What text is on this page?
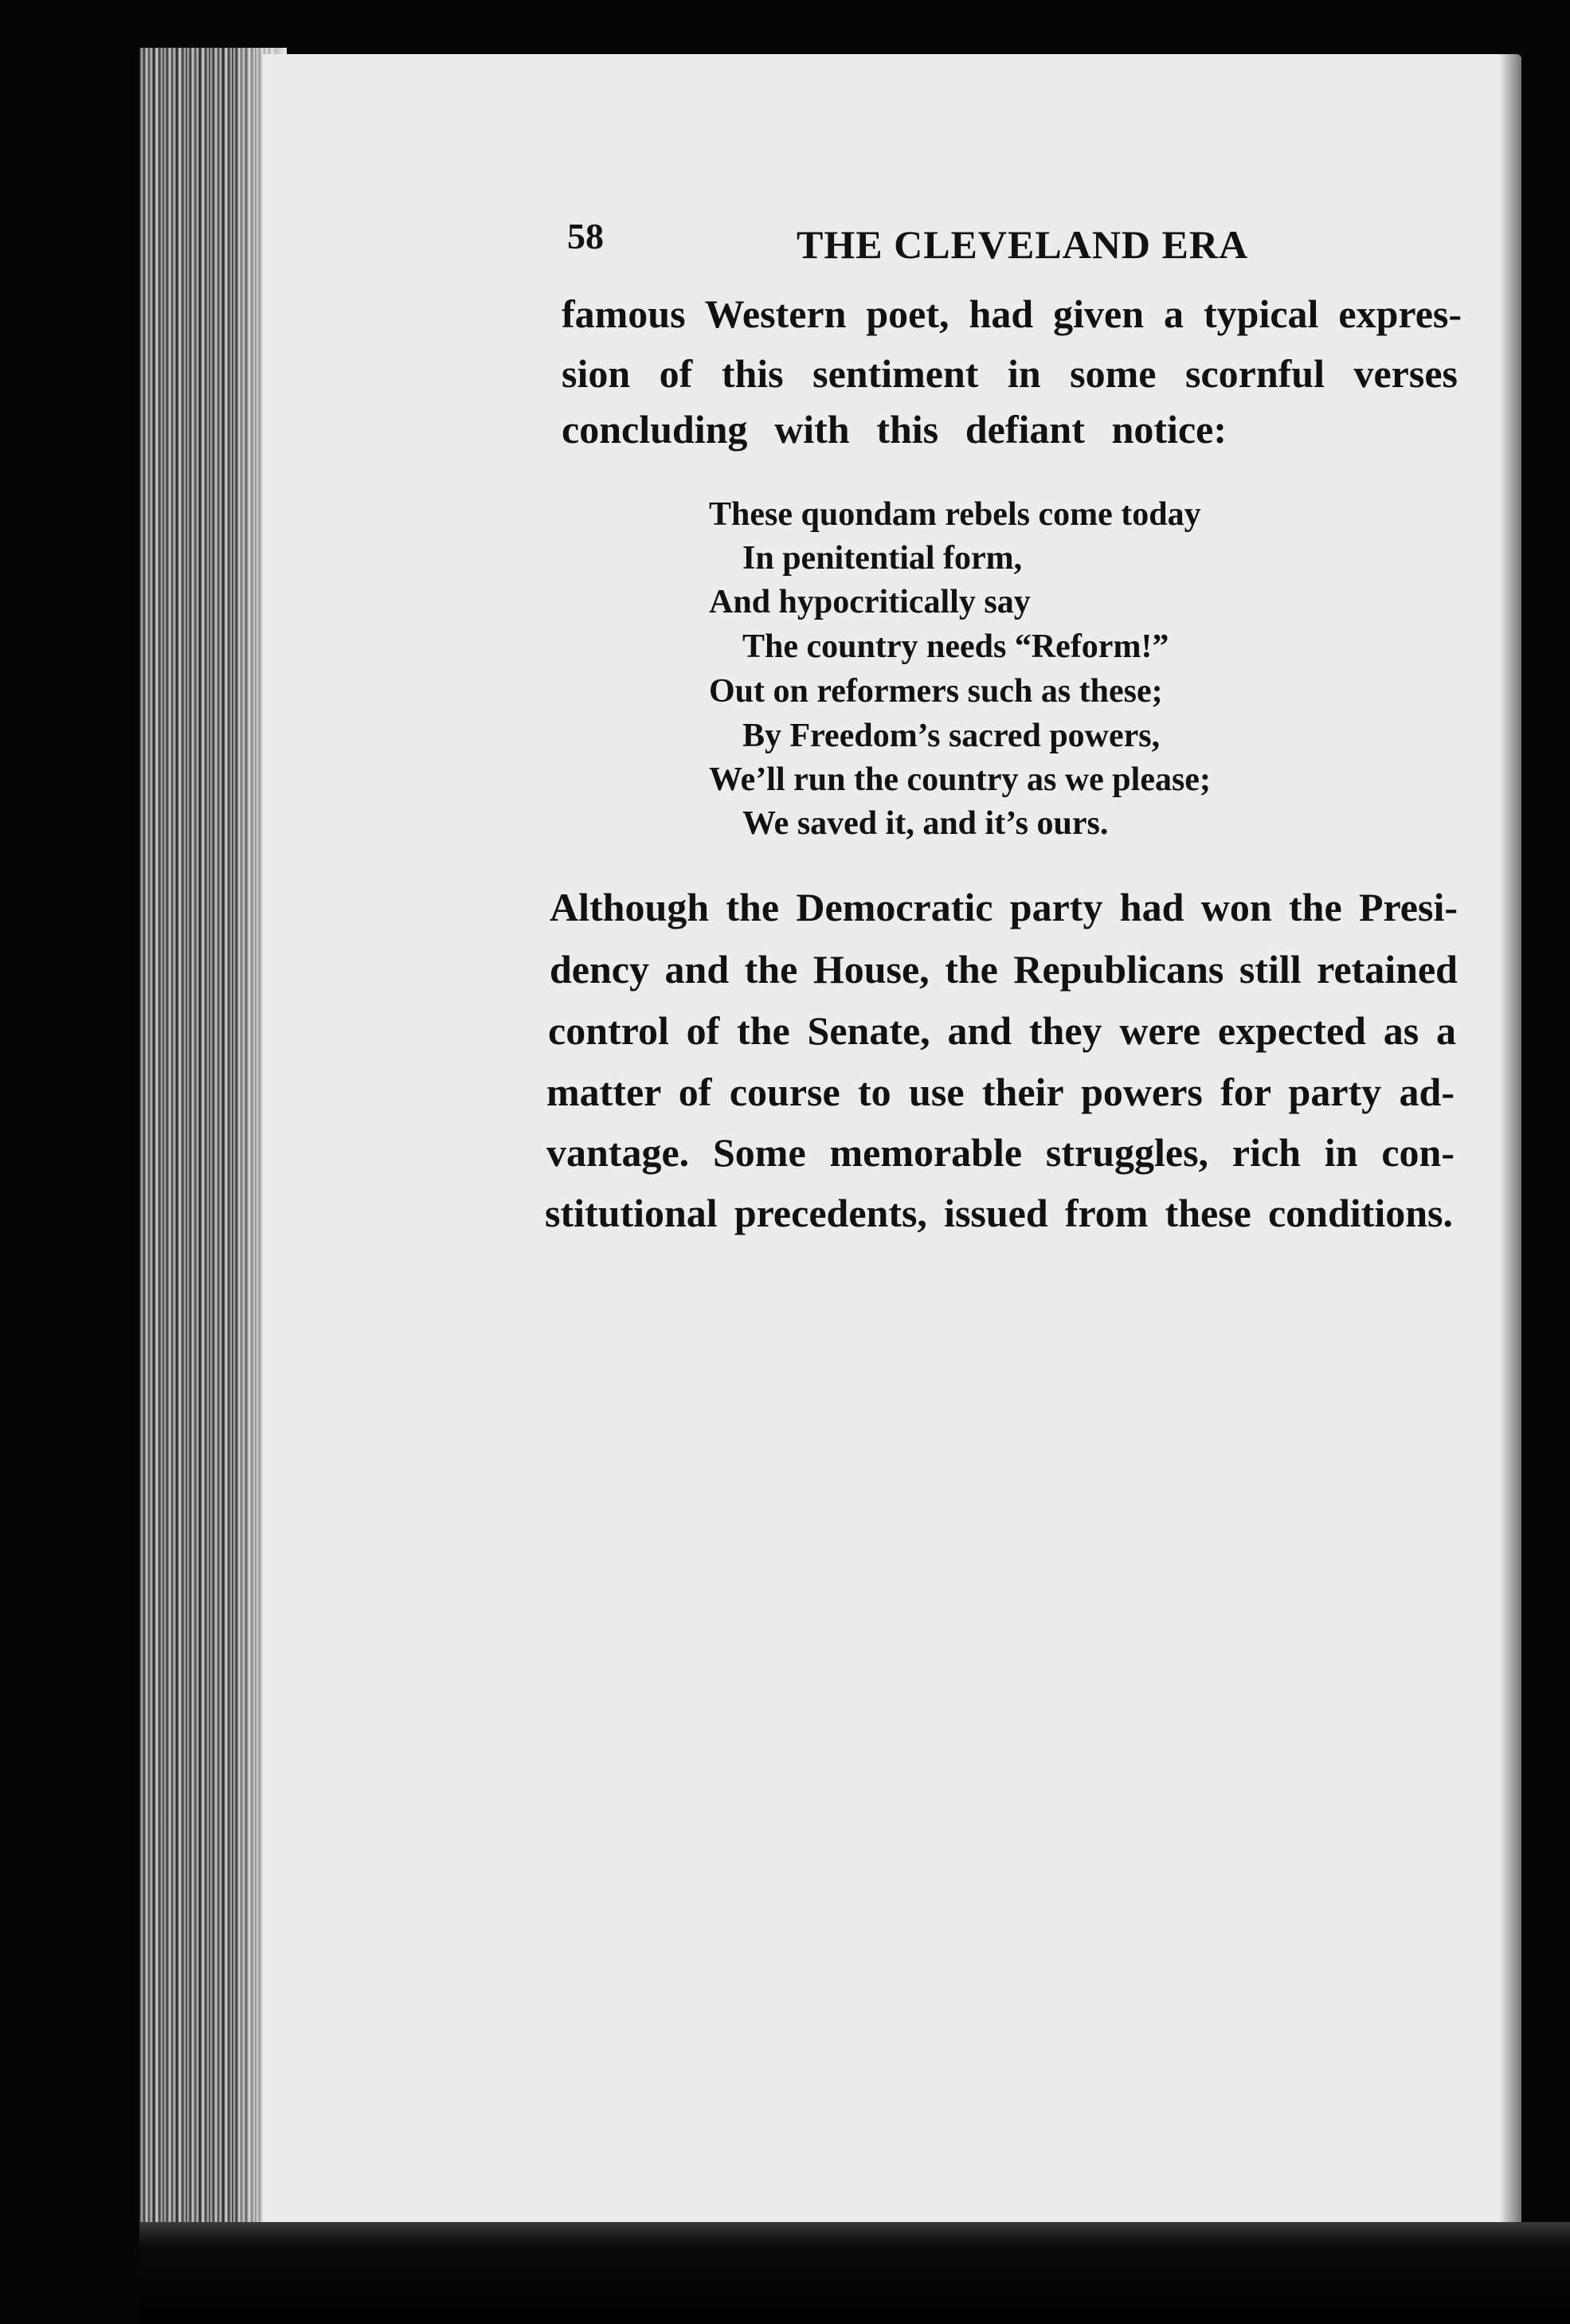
58	THE CLEVELAND ERA
famous Western poet, had given a typical expres-
sion of this sentiment in some scornful verses
concluding with this defiant notice:
These quondam rebels come today
In penitential form,
And hypocritically say
The country needs “Reform!”
Out on reformers such as these;
By Freedom’s sacred powers,
We’ll run the country as we please;
We saved it, and it’s ours.
Although the Democratic party had won the Presi-
dency and the House, the Republicans still retained
control of the Senate, and they were expected as a
matter of course to use their powers for party ad-
vantage. Some memorable struggles, rich in con-
stitutional precedents, issued from these conditions.
